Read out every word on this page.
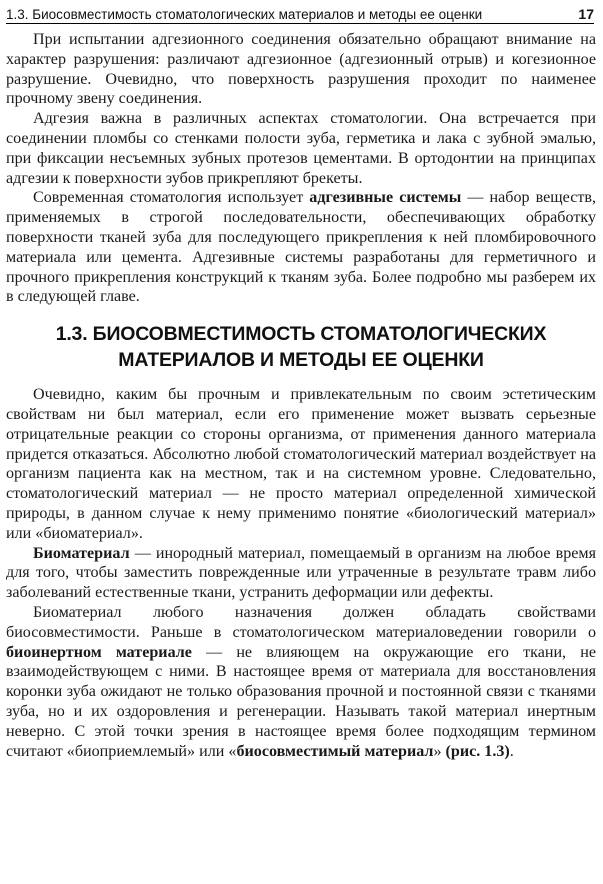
1.3. Биосовместимость стоматологических материалов и методы ее оценки	17

При испытании адгезионного соединения обязательно обращают внимание на характер разрушения: различают адгезионное (адгезионный отрыв) и когезионное разрушение. Очевидно, что поверхность разрушения проходит по наименее прочному звену соединения.

Адгезия важна в различных аспектах стоматологии. Она встречается при соединении пломбы со стенками полости зуба, герметика и лака с зубной эмалью, при фиксации несъемных зубных протезов цементами. В ортодонтии на принципах адгезии к поверхности зубов прикрепляют брекеты.

Современная стоматология использует адгезивные системы — набор веществ, применяемых в строгой последовательности, обеспечивающих обработку поверхности тканей зуба для последующего прикрепления к ней пломбировочного материала или цемента. Адгезивные системы разработаны для герметичного и прочного прикрепления конструкций к тканям зуба. Более подробно мы разберем их в следующей главе.

1.3. БИОСОВМЕСТИМОСТЬ СТОМАТОЛОГИЧЕСКИХ
МАТЕРИАЛОВ И МЕТОДЫ ЕЕ ОЦЕНКИ

Очевидно, каким бы прочным и привлекательным по своим эстетическим свойствам ни был материал, если его применение может вызвать серьезные отрицательные реакции со стороны организма, от применения данного материала придется отказаться. Абсолютно любой стоматологический материал воздействует на организм пациента как на местном, так и на системном уровне. Следовательно, стоматологический материал — не просто материал определенной химической природы, в данном случае к нему применимо понятие «биологический материал» или «биоматериал».

Биоматериал — инородный материал, помещаемый в организм на любое время для того, чтобы заместить поврежденные или утраченные в результате травм либо заболеваний естественные ткани, устранить деформации или дефекты.

Биоматериал любого назначения должен обладать свойствами биосовместимости. Раньше в стоматологическом материаловедении говорили о биоинертном материале — не влияющем на окружающие его ткани, не взаимодействующем с ними. В настоящее время от материала для восстановления коронки зуба ожидают не только образования прочной и постоянной связи с тканями зуба, но и их оздоровления и регенерации. Называть такой материал инертным неверно. С этой точки зрения в настоящее время более подходящим термином считают «биоприемлемый» или «биосовместимый материал» (рис. 1.3).
